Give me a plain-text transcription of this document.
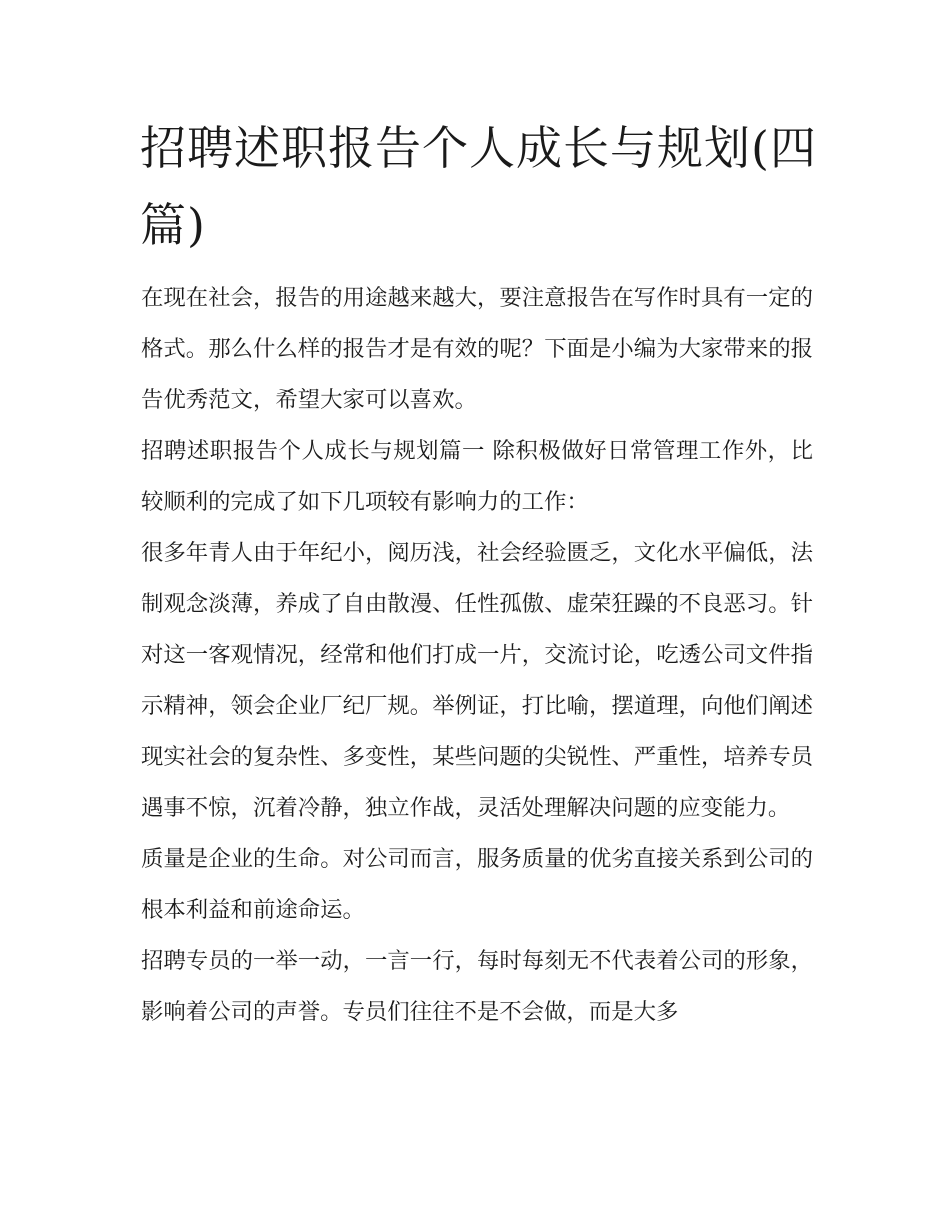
招聘述职报告个人成长与规划(四篇)

在现在社会，报告的用途越来越大，要注意报告在写作时具有一定的格式。那么什么样的报告才是有效的呢？下面是小编为大家带来的报告优秀范文，希望大家可以喜欢。

招聘述职报告个人成长与规划篇一 除积极做好日常管理工作外，比较顺利的完成了如下几项较有影响力的工作：

很多年青人由于年纪小，阅历浅，社会经验匮乏，文化水平偏低，法制观念淡薄，养成了自由散漫、任性孤傲、虚荣狂躁的不良恶习。针对这一客观情况，经常和他们打成一片，交流讨论，吃透公司文件指示精神，领会企业厂纪厂规。举例证，打比喻，摆道理，向他们阐述现实社会的复杂性、多变性，某些问题的尖锐性、严重性，培养专员遇事不惊，沉着冷静，独立作战，灵活处理解决问题的应变能力。

质量是企业的生命。对公司而言，服务质量的优劣直接关系到公司的根本利益和前途命运。

招聘专员的一举一动，一言一行，每时每刻无不代表着公司的形象，影响着公司的声誉。专员们往往不是不会做，而是大多
